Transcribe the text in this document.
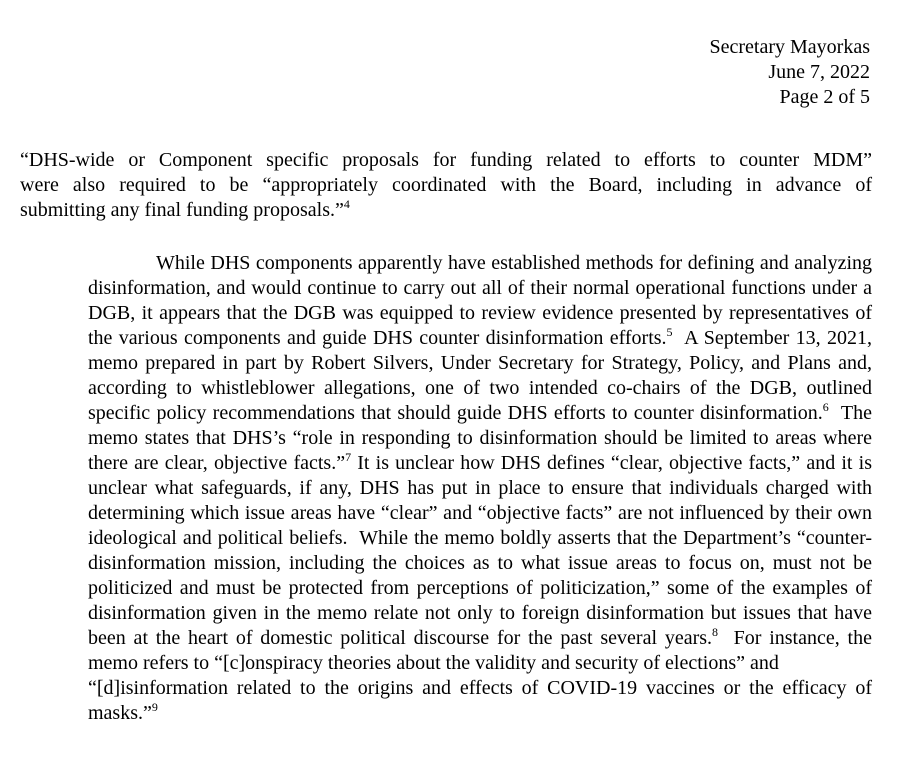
Secretary Mayorkas
June 7, 2022
Page 2 of 5

“DHS-wide or Component specific proposals for funding related to efforts to counter MDM”
were also required to be “appropriately coordinated with the Board, including in advance of
submitting any final funding proposals.”$^4$

While DHS components apparently have established methods for defining and analyzing
disinformation, and would continue to carry out all of their normal operational functions under a
DGB, it appears that the DGB was equipped to review evidence presented by representatives of
the various components and guide DHS counter disinformation efforts.$^5$  A September 13, 2021,
memo prepared in part by Robert Silvers, Under Secretary for Strategy, Policy, and Plans and,
according to whistleblower allegations, one of two intended co-chairs of the DGB, outlined
specific policy recommendations that should guide DHS efforts to counter disinformation.$^6$  The
memo states that DHS’s “role in responding to disinformation should be limited to areas where
there are clear, objective facts.”$^7$ It is unclear how DHS defines “clear, objective facts,” and it is
unclear what safeguards, if any, DHS has put in place to ensure that individuals charged with
determining which issue areas have “clear” and “objective facts” are not influenced by their own
ideological and political beliefs.  While the memo boldly asserts that the Department’s “counter-
disinformation mission, including the choices as to what issue areas to focus on, must not be
politicized and must be protected from perceptions of politicization,” some of the examples of
disinformation given in the memo relate not only to foreign disinformation but issues that have
been at the heart of domestic political discourse for the past several years.$^8$  For instance, the
memo refers to “[c]onspiracy theories about the validity and security of elections” and
“[d]isinformation related to the origins and effects of COVID-19 vaccines or the efficacy of
masks.”$^9$
